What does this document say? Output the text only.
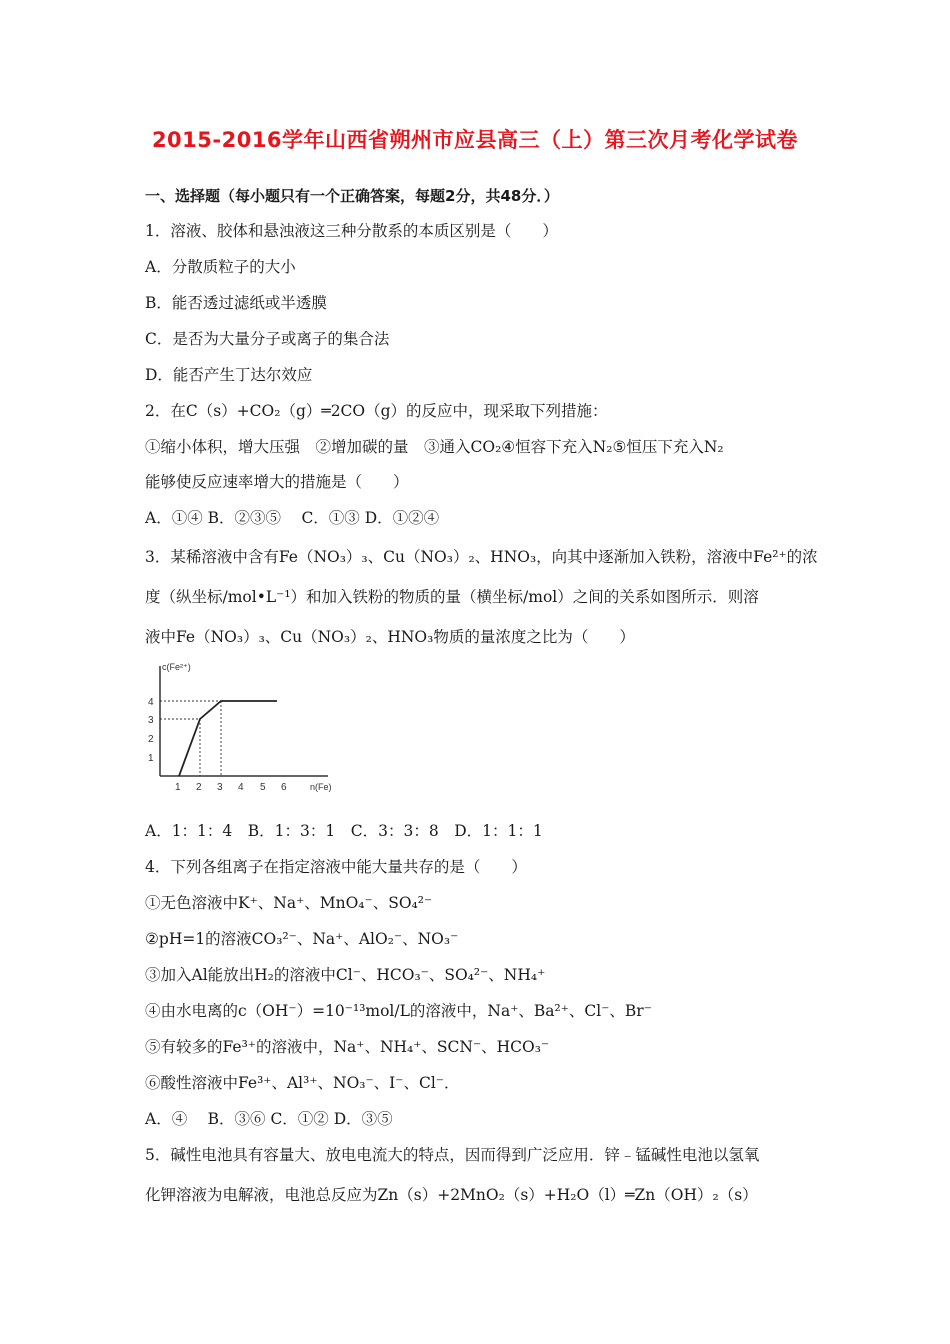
2015-2016学年山西省朔州市应县高三（上）第三次月考化学试卷
一、选择题（每小题只有一个正确答案，每题2分，共48分．）
1．溶液、胶体和悬浊液这三种分散系的本质区别是（　　）
A．分散质粒子的大小
B．能否透过滤纸或半透膜
C．是否为大量分子或离子的集合法
D．能否产生丁达尔效应
2．在C（s）+CO₂（g）═2CO（g）的反应中，现采取下列措施：
①缩小体积，增大压强　②增加碳的量　③通入CO₂④恒容下充入N₂⑤恒压下充入N₂
能够使反应速率增大的措施是（　　）
A．①④ B．②③⑤　 C．①③ D．①②④
3．某稀溶液中含有Fe（NO₃）₃、Cu（NO₃）₂、HNO₃，向其中逐渐加入铁粉，溶液中Fe²⁺的浓
度（纵坐标/mol•L⁻¹）和加入铁粉的物质的量（横坐标/mol）之间的关系如图所示．则溶
液中Fe（NO₃）₃、Cu（NO₃）₂、HNO₃物质的量浓度之比为（　　）
c(Fe²⁺)
n(Fe)
1
2
3
4
1 2 3 4 5 6
A．1：1：4　B．1：3：1　C．3：3：8　D．1：1：1
4．下列各组离子在指定溶液中能大量共存的是（　　）
①无色溶液中K⁺、Na⁺、MnO₄⁻、SO₄²⁻
②pH=1的溶液CO₃²⁻、Na⁺、AlO₂⁻、NO₃⁻
③加入Al能放出H₂的溶液中Cl⁻、HCO₃⁻、SO₄²⁻、NH₄⁺
④由水电离的c（OH⁻）=10⁻¹³mol/L的溶液中，Na⁺、Ba²⁺、Cl⁻、Br⁻
⑤有较多的Fe³⁺的溶液中，Na⁺、NH₄⁺、SCN⁻、HCO₃⁻
⑥酸性溶液中Fe³⁺、Al³⁺、NO₃⁻、I⁻、Cl⁻．
A．④　 B．③⑥ C．①② D．③⑤
5．碱性电池具有容量大、放电电流大的特点，因而得到广泛应用．锌﹣锰碱性电池以氢氧
化钾溶液为电解液，电池总反应为Zn（s）+2MnO₂（s）+H₂O（l）═Zn（OH）₂（s）
